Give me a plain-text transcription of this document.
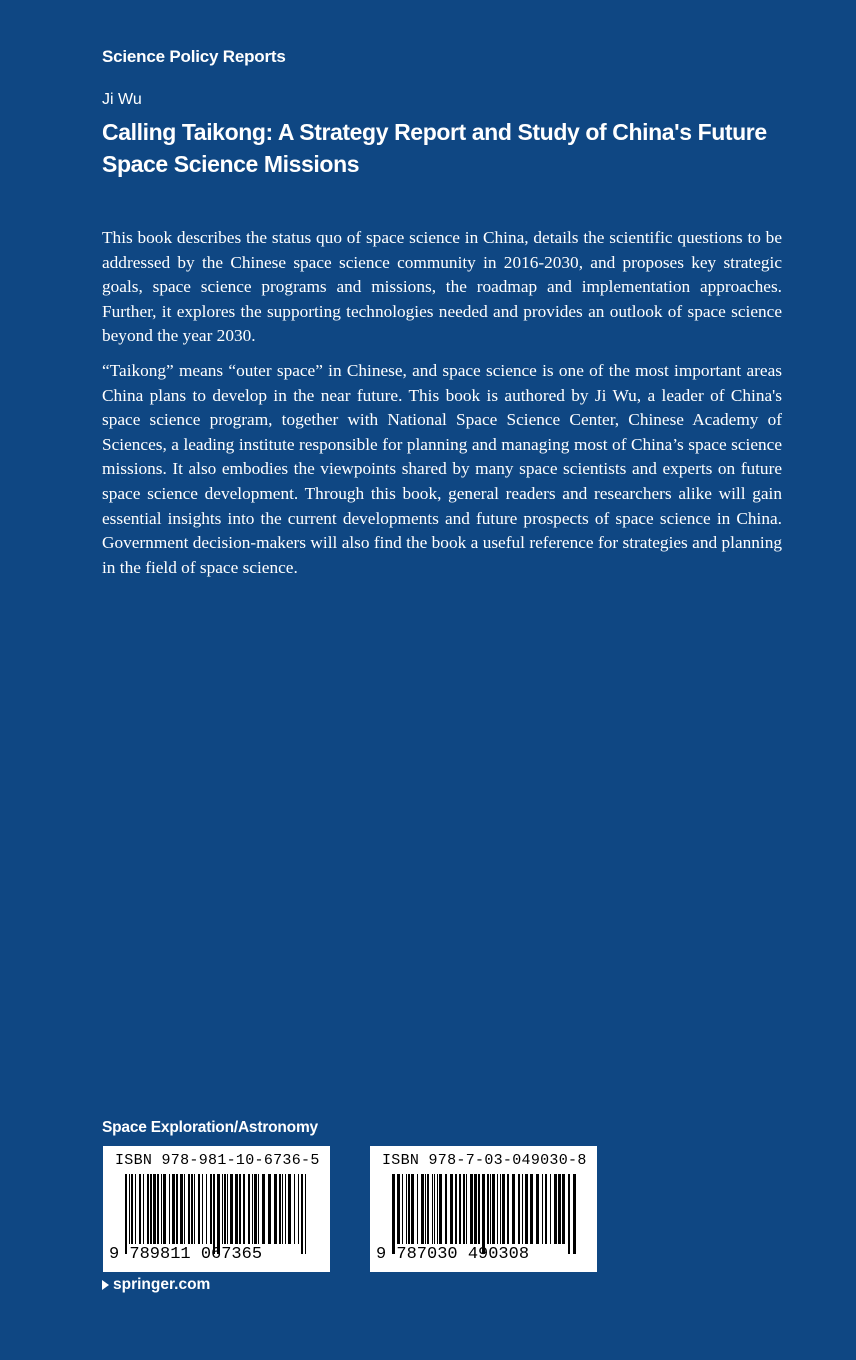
Science Policy Reports
Ji Wu
Calling Taikong: A Strategy Report and Study of China's Future Space Science Missions

This book describes the status quo of space science in China, details the scientific questions to be addressed by the Chinese space science community in 2016-2030, and proposes key strategic goals, space science programs and missions, the roadmap and implementation approaches. Further, it explores the supporting technologies needed and provides an outlook of space science beyond the year 2030.

“Taikong” means “outer space” in Chinese, and space science is one of the most important areas China plans to develop in the near future. This book is authored by Ji Wu, a leader of China's space science program, together with National Space Science Center, Chinese Academy of Sciences, a leading institute responsible for planning and managing most of China’s space science missions. It also embodies the viewpoints shared by many space scientists and experts on future space science development. Through this book, general readers and researchers alike will gain essential insights into the current developments and future prospects of space science in China. Government decision-makers will also find the book a useful reference for strategies and planning in the field of space science.

Space Exploration/Astronomy
ISBN 978-981-10-6736-5
9 789811 067365
ISBN 978-7-03-049030-8
9 787030 490308
springer.com
